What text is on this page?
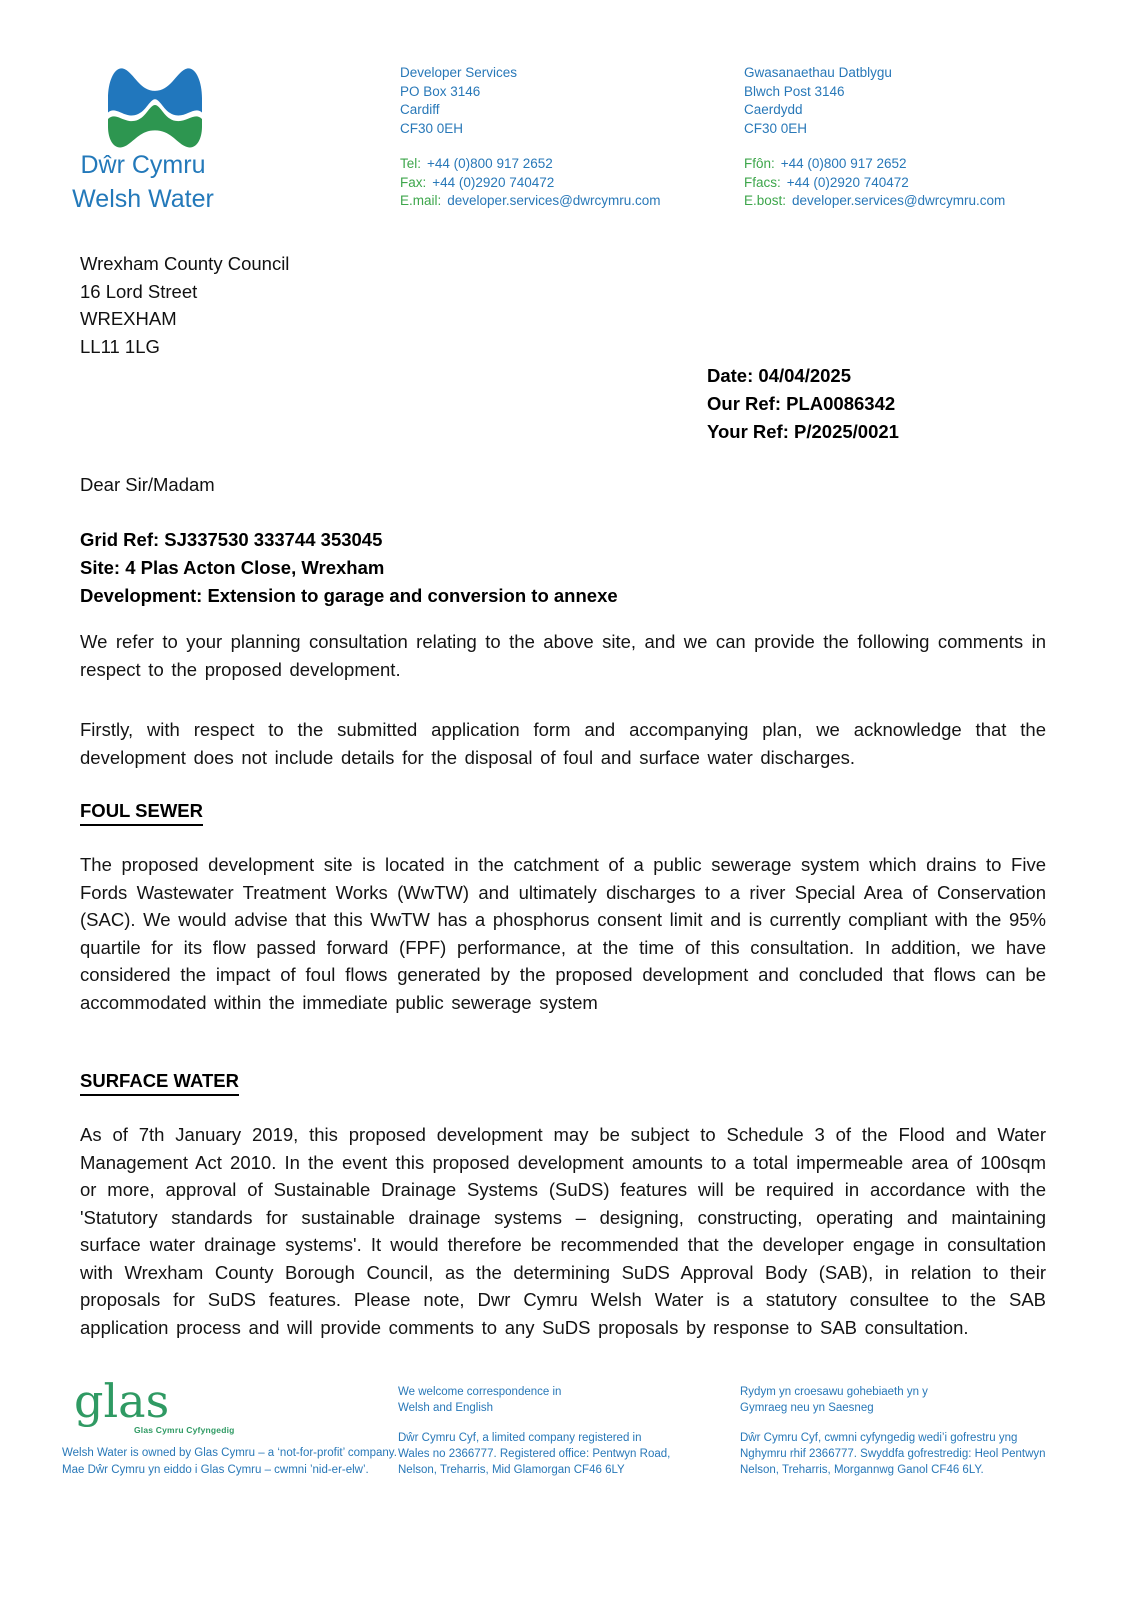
Dŵr Cymru
Welsh Water
Developer Services
PO Box 3146
Cardiff
CF30 0EH
Tel: +44 (0)800 917 2652
Fax: +44 (0)2920 740472
E.mail: developer.services@dwrcymru.com
Gwasanaethau Datblygu
Blwch Post 3146
Caerdydd
CF30 0EH
Ffôn: +44 (0)800 917 2652
Ffacs: +44 (0)2920 740472
E.bost: developer.services@dwrcymru.com
Wrexham County Council
16 Lord Street
WREXHAM
LL11 1LG
Date: 04/04/2025
Our Ref: PLA0086342
Your Ref: P/2025/0021
Dear Sir/Madam
Grid Ref: SJ337530 333744 353045
Site: 4 Plas Acton Close, Wrexham
Development: Extension to garage and conversion to annexe
We refer to your planning consultation relating to the above site, and we can provide the following comments in respect to the proposed development.
Firstly, with respect to the submitted application form and accompanying plan, we acknowledge that the development does not include details for the disposal of foul and surface water discharges.
FOUL SEWER
The proposed development site is located in the catchment of a public sewerage system which drains to Five Fords Wastewater Treatment Works (WwTW) and ultimately discharges to a river Special Area of Conservation (SAC). We would advise that this WwTW has a phosphorus consent limit and is currently compliant with the 95% quartile for its flow passed forward (FPF) performance, at the time of this consultation. In addition, we have considered the impact of foul flows generated by the proposed development and concluded that flows can be accommodated within the immediate public sewerage system
SURFACE WATER
As of 7th January 2019, this proposed development may be subject to Schedule 3 of the Flood and Water Management Act 2010. In the event this proposed development amounts to a total impermeable area of 100sqm or more, approval of Sustainable Drainage Systems (SuDS) features will be required in accordance with the 'Statutory standards for sustainable drainage systems – designing, constructing, operating and maintaining surface water drainage systems'. It would therefore be recommended that the developer engage in consultation with Wrexham County Borough Council, as the determining SuDS Approval Body (SAB), in relation to their proposals for SuDS features. Please note, Dwr Cymru Welsh Water is a statutory consultee to the SAB application process and will provide comments to any SuDS proposals by response to SAB consultation.
glas
Glas Cymru Cyfyngedig
Welsh Water is owned by Glas Cymru – a ‘not-for-profit’ company.
Mae Dŵr Cymru yn eiddo i Glas Cymru – cwmni ’nid-er-elw’.
We welcome correspondence in
Welsh and English
Dŵr Cymru Cyf, a limited company registered in
Wales no 2366777. Registered office: Pentwyn Road,
Nelson, Treharris, Mid Glamorgan CF46 6LY
Rydym yn croesawu gohebiaeth yn y
Gymraeg neu yn Saesneg
Dŵr Cymru Cyf, cwmni cyfyngedig wedi’i gofrestru yng
Nghymru rhif 2366777. Swyddfa gofrestredig: Heol Pentwyn
Nelson, Treharris, Morgannwg Ganol CF46 6LY.
